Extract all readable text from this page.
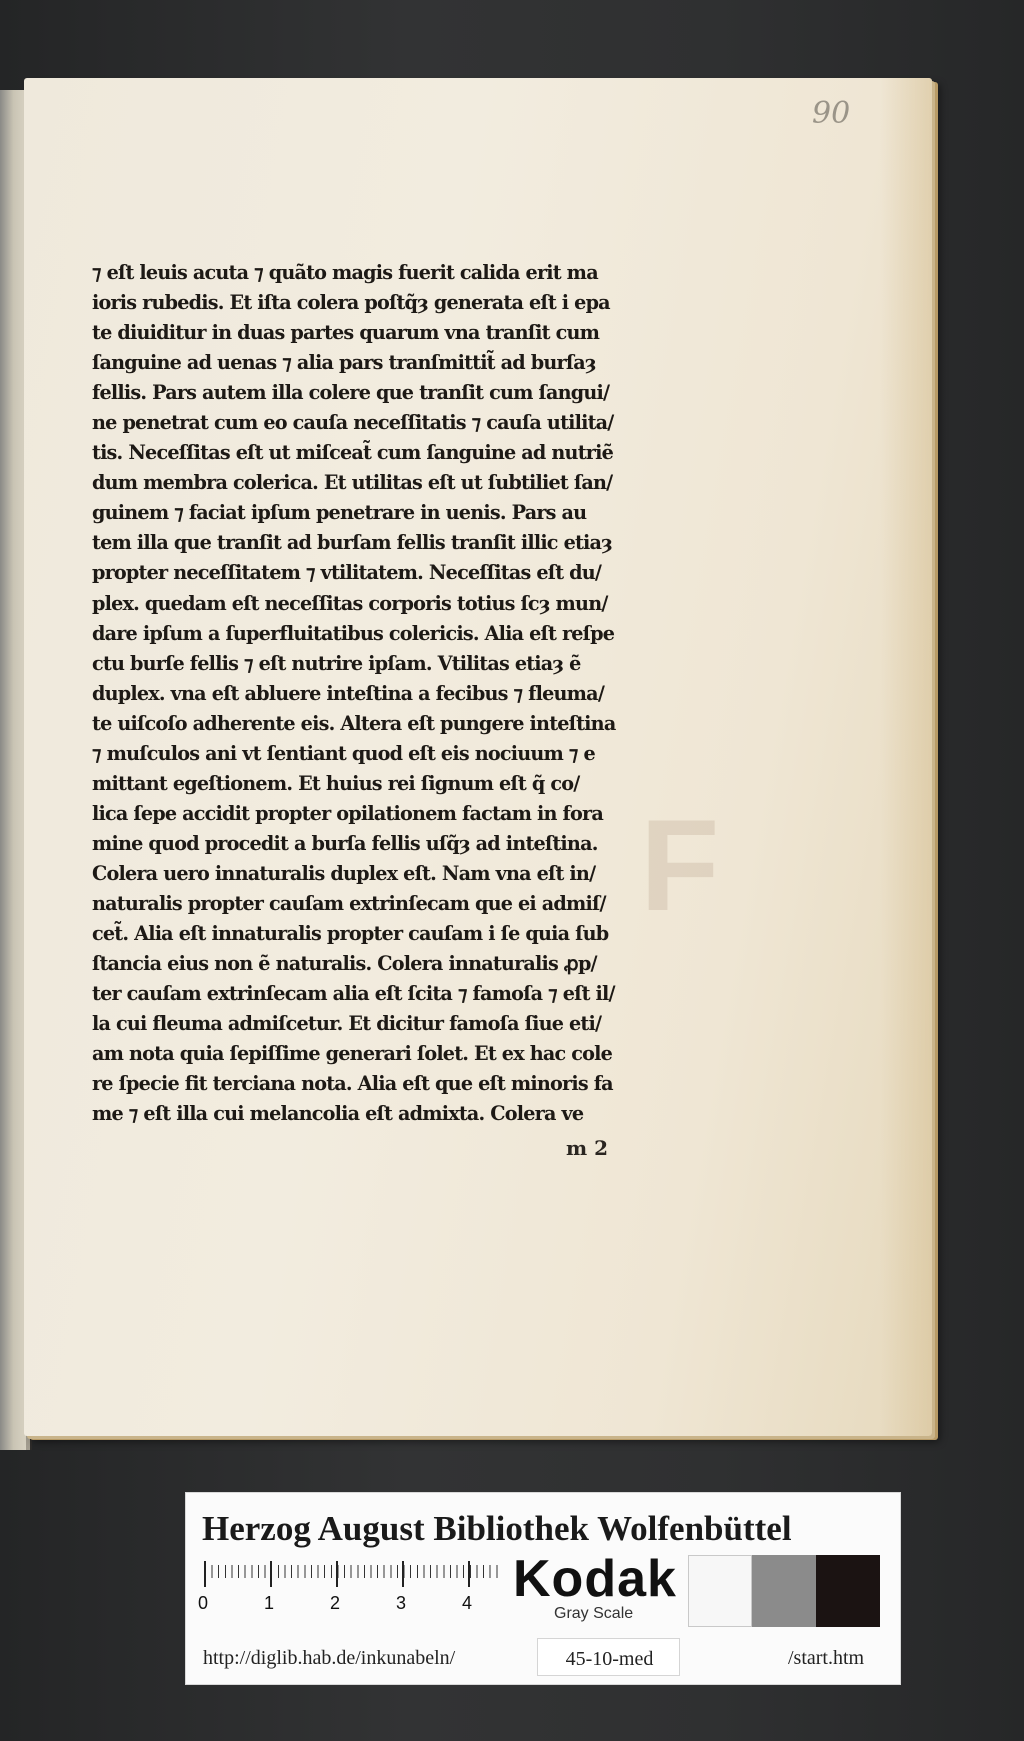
90
F
⁊ eſt leuis acuta ⁊ quãto magis fuerit calida erit ma
ioris rubedis. Et iſta colera poſtq̃ȝ generata eſt i epa
te diuiditur in duas partes quarum vna tranſit cum
ſanguine ad uenas ⁊ alia pars tranſmittit̃ ad burſaȝ
fellis. Pars autem illa colere que tranſit cum ſangui/
ne penetrat cum eo cauſa neceſſitatis ⁊ cauſa utilita/
tis. Neceſſitas eſt ut miſceat̃ cum ſanguine ad nutriẽ
dum membra colerica. Et utilitas eſt ut ſubtiliet ſan/
guinem ⁊ faciat ipſum penetrare in uenis. Pars au
tem illa que tranſit ad burſam fellis tranſit illic etiaȝ
propter neceſſitatem ⁊ vtilitatem. Neceſſitas eſt du/
plex. quedam eſt neceſſitas corporis totius ſcȝ mun/
dare ipſum a ſuperfluitatibus colericis. Alia eſt reſpe
ctu burſe fellis ⁊ eſt nutrire ipſam. Vtilitas etiaȝ ẽ
duplex. vna eſt abluere inteſtina a fecibus ⁊ fleuma/
te uiſcoſo adherente eis. Altera eſt pungere inteſtina
⁊ muſculos ani vt ſentiant quod eſt eis nociuum ⁊ e
mittant egeſtionem. Et huius rei ſignum eſt q̃ co/
lica ſepe accidit propter opilationem factam in fora
mine quod procedit a burſa fellis uſq̃ȝ ad inteſtina.
Colera uero innaturalis duplex eſt. Nam vna eſt in/
naturalis propter cauſam extrinſecam que ei admiſ/
cet̃. Alia eſt innaturalis propter cauſam i ſe quia ſub
ſtancia eius non ẽ naturalis. Colera innaturalis ꝓp/
ter cauſam extrinſecam alia eſt ſcita ⁊ famoſa ⁊ eſt il/
la cui fleuma admiſcetur. Et dicitur famoſa ſiue eti/
am nota quia ſepiſſime generari ſolet. Et ex hac cole
re ſpecie fit terciana nota. Alia eſt que eſt minoris fa
me ⁊ eſt illa cui melancolia eſt admixta. Colera ve
m 2
Herzog August Bibliothek Wolfenbüttel
0	1	2	3	4 Kodak
Gray Scale
http://diglib.hab.de/inkunabeln/	45-10-med	/start.htm
